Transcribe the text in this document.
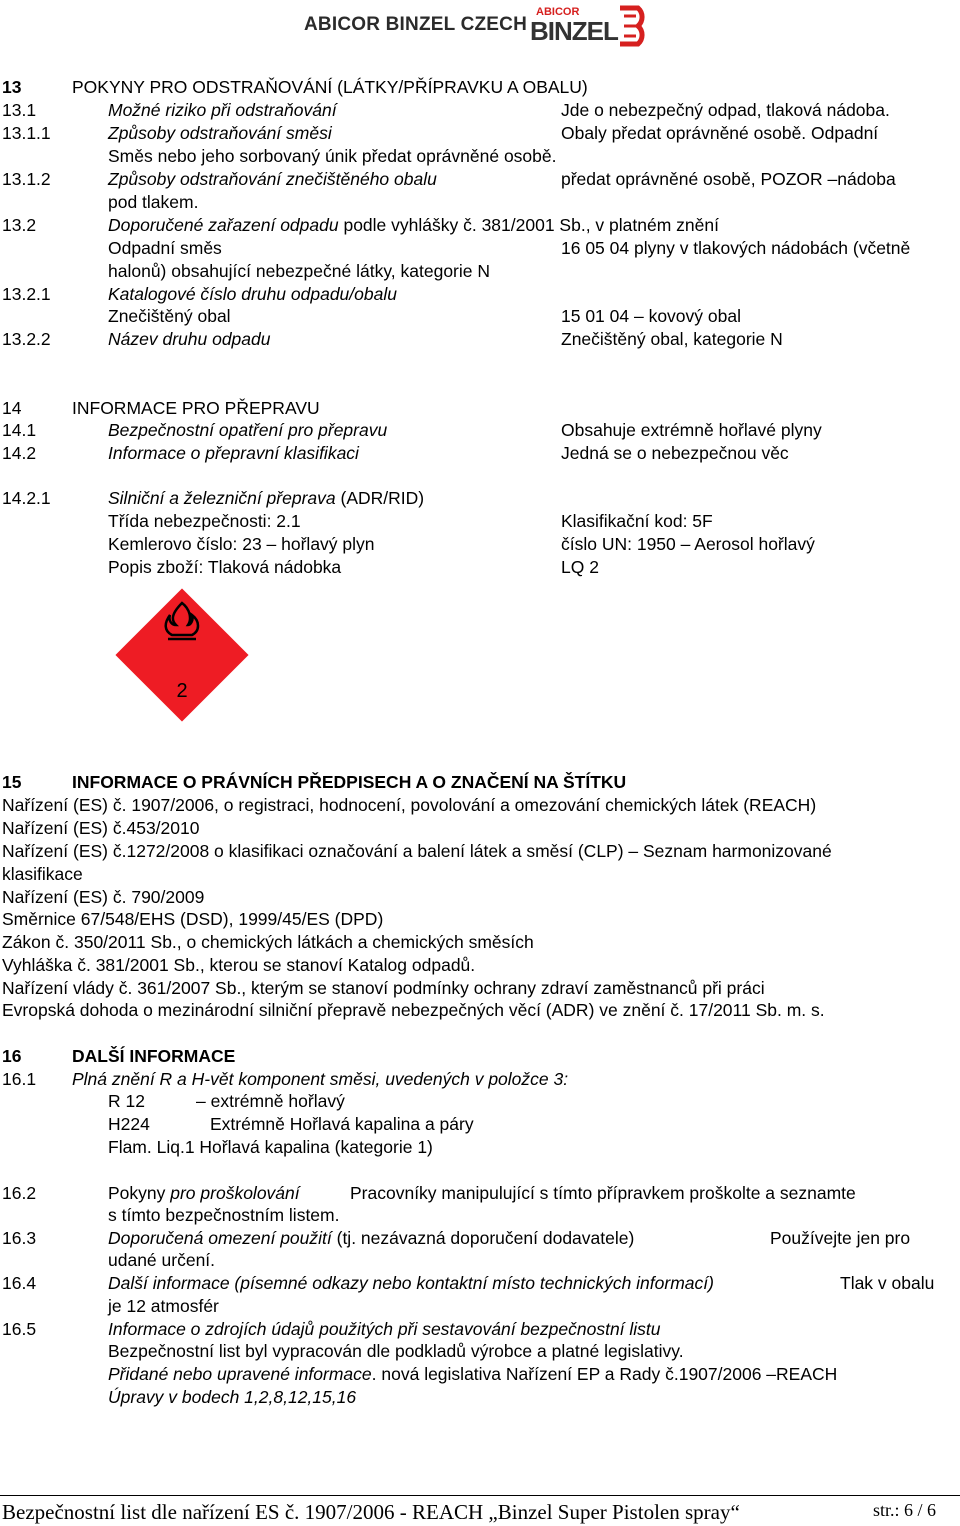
ABICOR BINZEL CZECH
ABICOR
BINZEL
13	POKYNY PRO ODSTRAŇOVÁNÍ (LÁTKY/PŘÍPRAVKU A OBALU)
13.1	Možné riziko při odstraňování	Jde o nebezpečný odpad, tlaková nádoba.
13.1.1	Způsoby odstraňování směsi	Obaly předat oprávněné osobě. Odpadní
Směs nebo jeho sorbovaný únik předat oprávněné osobě.
13.1.2	Způsoby odstraňování znečištěného obalu	předat oprávněné osobě, POZOR –nádoba
pod tlakem.
13.2	Doporučené zařazení odpadu podle vyhlášky č. 381/2001 Sb., v platném znění
Odpadní směs	16 05 04 plyny v tlakových nádobách (včetně
halonů) obsahující nebezpečné látky, kategorie N
13.2.1	Katalogové číslo druhu odpadu/obalu
Znečištěný obal	15 01 04 – kovový obal
13.2.2	Název druhu odpadu	Znečištěný obal, kategorie N
14	INFORMACE PRO PŘEPRAVU
14.1	Bezpečnostní opatření pro přepravu	Obsahuje extrémně hořlavé plyny
14.2	Informace o přepravní klasifikaci	Jedná se o nebezpečnou věc
14.2.1	Silniční a železniční přeprava (ADR/RID)
Třída nebezpečnosti: 2.1	Klasifikační kod: 5F
Kemlerovo číslo: 23 – hořlavý plyn	číslo UN: 1950 – Aerosol hořlavý
Popis zboží: Tlaková nádobka	LQ 2
2
15	INFORMACE O PRÁVNÍCH PŘEDPISECH A O ZNAČENÍ NA ŠTÍTKU
Nařízení (ES) č. 1907/2006, o registraci, hodnocení, povolování a omezování chemických látek (REACH)
Nařízení (ES) č.453/2010
Nařízení (ES) č.1272/2008 o klasifikaci označování a balení látek a směsí (CLP) – Seznam harmonizované
klasifikace
Nařízení (ES) č. 790/2009
Směrnice 67/548/EHS (DSD), 1999/45/ES (DPD)
Zákon č. 350/2011 Sb., o chemických látkách a chemických směsích
Vyhláška č. 381/2001 Sb., kterou se stanoví Katalog odpadů.
Nařízení vlády č. 361/2007 Sb., kterým se stanoví podmínky ochrany zdraví zaměstnanců při práci
Evropská dohoda o mezinárodní silniční přepravě nebezpečných věcí (ADR) ve znění č. 17/2011 Sb. m. s.
16	DALŠÍ INFORMACE
16.1 Plná znění R a H-vět komponent směsi, uvedených v položce 3:
R 12	– extrémně hořlavý
H224	Extrémně Hořlavá kapalina a páry
Flam. Liq.1 Hořlavá kapalina (kategorie 1)
16.2	Pokyny pro proškolování	Pracovníky manipulující s tímto přípravkem proškolte a seznamte
s tímto bezpečnostním listem.
16.3	Doporučená omezení použití (tj. nezávazná doporučení dodavatele)	Používejte jen pro
udané určení.
16.4	Další informace (písemné odkazy nebo kontaktní místo technických informací)	Tlak v obalu
je 12 atmosfér
16.5	Informace o zdrojích údajů použitých při sestavování bezpečnostní listu
Bezpečnostní list byl vypracován dle podkladů výrobce a platné legislativy.
Přidané nebo upravené informace. nová legislativa Nařízení EP a Rady č.1907/2006 –REACH
Úpravy v bodech 1,2,8,12,15,16
Bezpečnostní list dle nařízení ES č. 1907/2006 - REACH „Binzel Super Pistolen spray“	str.: 6 / 6
